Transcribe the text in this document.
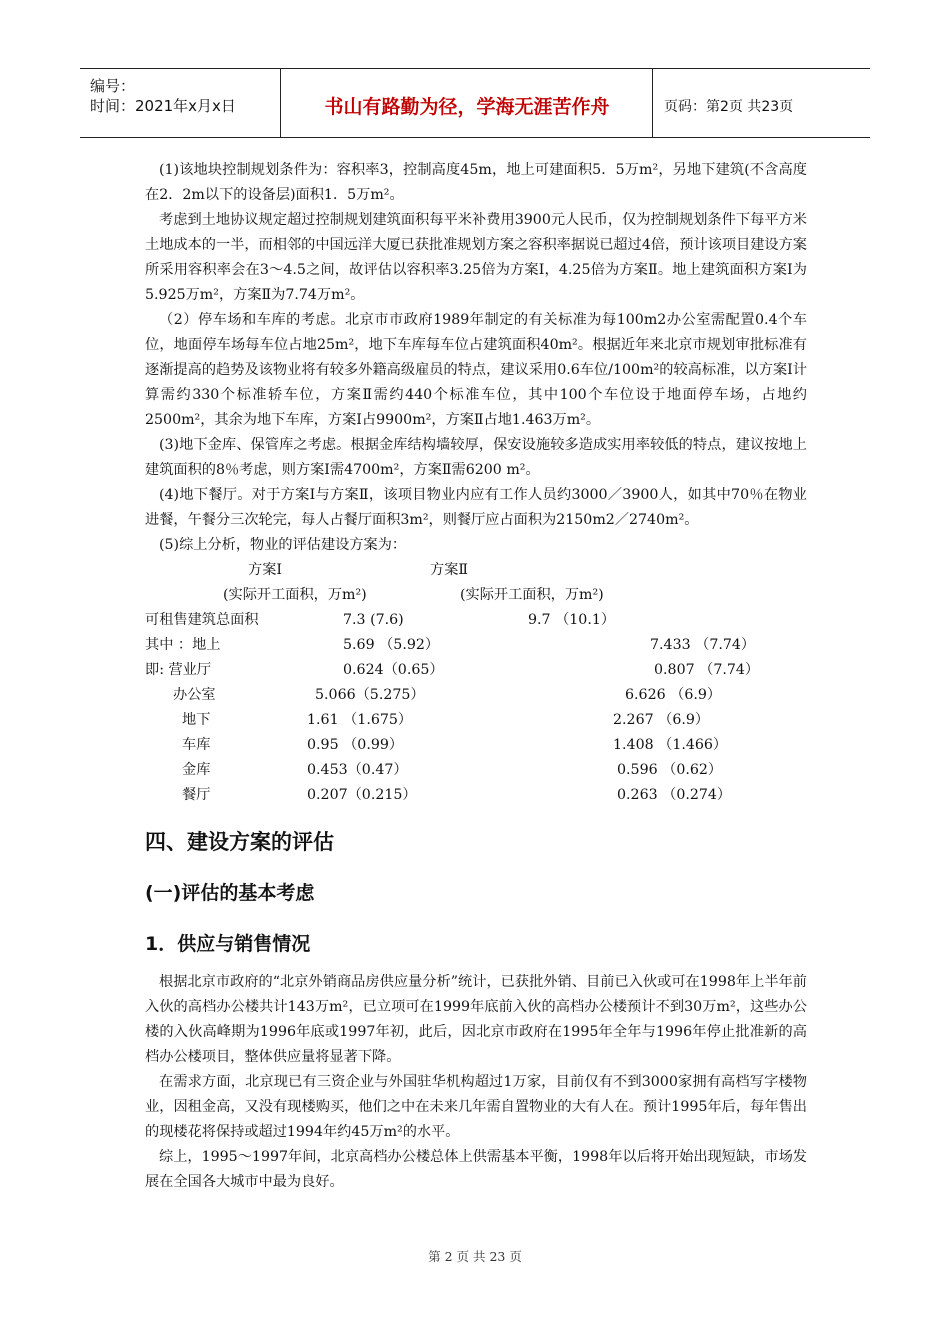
编号：
时间：2021年x月x日	书山有路勤为径，学海无涯苦作舟	页码：第2页 共23页

(1)该地块控制规划条件为：容积率3，控制高度45m，地上可建面积5．5万m²，另地下建筑(不含高度在2．2m以下的设备层)面积1．5万m²。

考虑到土地协议规定超过控制规划建筑面积每平米补费用3900元人民币，仅为控制规划条件下每平方米土地成本的一半，而相邻的中国远洋大厦已获批准规划方案之容积率据说已超过4倍，预计该项目建设方案所采用容积率会在3～4.5之间，故评估以容积率3.25倍为方案I，4.25倍为方案Ⅱ。地上建筑面积方案I为5.925万m²，方案Ⅱ为7.74万m²。

（2）停车场和车库的考虑。北京市市政府1989年制定的有关标准为每100m2办公室需配置0.4个车位，地面停车场每车位占地25m²，地下车库每车位占建筑面积40m²。根据近年来北京市规划审批标准有逐渐提高的趋势及该物业将有较多外籍高级雇员的特点，建议采用0.6车位/100m²的较高标准，以方案Ⅰ计算需约330个标准轿车位，方案Ⅱ需约440个标准车位，其中100个车位设于地面停车场，占地约2500m²，其余为地下车库，方案Ⅰ占9900m²，方案Ⅱ占地1.463万m²。

(3)地下金库、保管库之考虑。根据金库结构墙较厚，保安设施较多造成实用率较低的特点，建议按地上建筑面积的8％考虑，则方案I需4700m²，方案Ⅱ需6200 m²。

(4)地下餐厅。对于方案I与方案Ⅱ，该项目物业内应有工作人员约3000／3900人，如其中70％在物业进餐，午餐分三次轮完，每人占餐厅面积3m²，则餐厅应占面积为2150m2／2740m²。

(5)综上分析，物业的评估建设方案为：

方案I	方案Ⅱ
(实际开工面积，万m²)	(实际开工面积，万m²)
可租售建筑总面积	7.3 (7.6)	9.7 （10.1）
其中 ：地上	5.69 （5.92）	7.433 （7.74）
即: 营业厅	0.624（0.65）	0.807 （7.74）
办公室	5.066（5.275）	6.626 （6.9）
地下	1.61 （1.675）	2.267 （6.9）
车库	0.95 （0.99）	1.408 （1.466）
金库	0.453（0.47）	0.596 （0.62）
餐厅	0.207（0.215）	0.263 （0.274）
四、建设方案的评估
(一)评估的基本考虑
1．供应与销售情况

根据北京市政府的“北京外销商品房供应量分析”统计，已获批外销、目前已入伙或可在1998年上半年前入伙的高档办公楼共计143万m²，已立项可在1999年底前入伙的高档办公楼预计不到30万m²，这些办公楼的入伙高峰期为1996年底或1997年初，此后，因北京市政府在1995年全年与1996年停止批准新的高档办公楼项目，整体供应量将显著下降。

在需求方面，北京现已有三资企业与外国驻华机构超过1万家，目前仅有不到3000家拥有高档写字楼物业，因租金高，又没有现楼购买，他们之中在未来几年需自置物业的大有人在。预计1995年后，每年售出的现楼花将保持或超过1994年约45万m²的水平。

综上，1995～1997年间，北京高档办公楼总体上供需基本平衡，1998年以后将开始出现短缺，市场发展在全国各大城市中最为良好。

第 2 页 共 23 页
